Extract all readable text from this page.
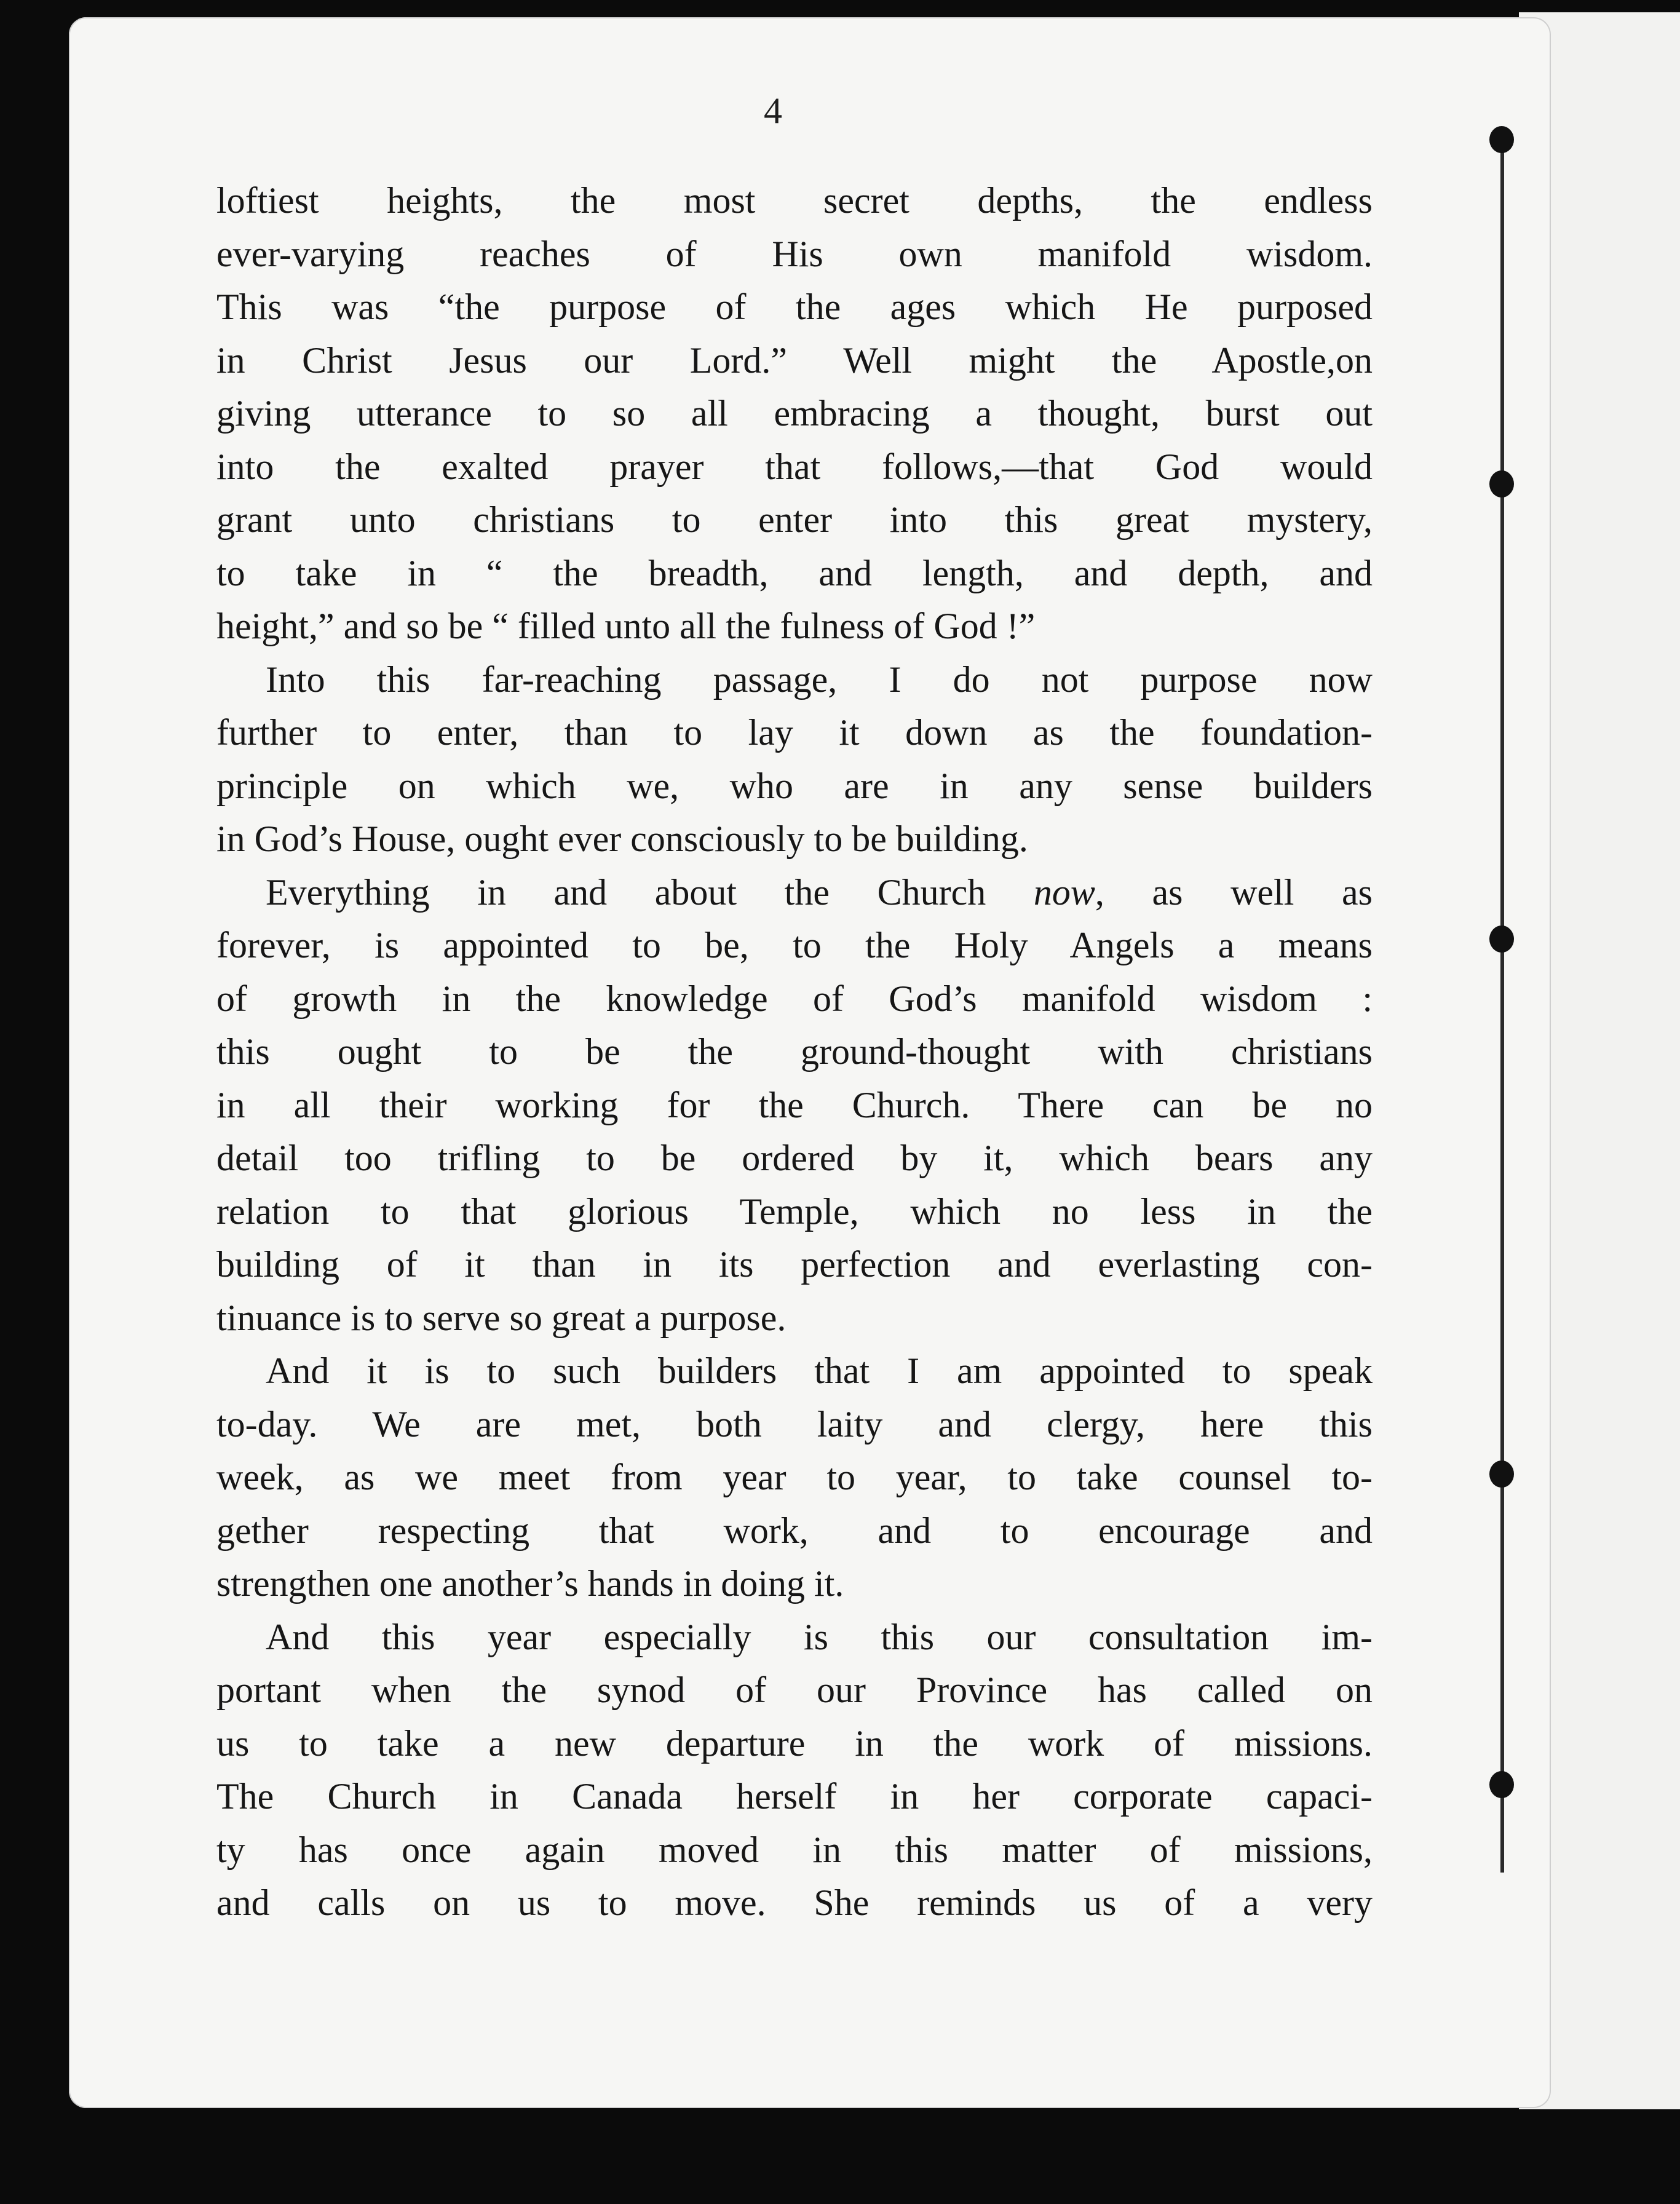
4
loftiest heights, the most secret depths, the endless
ever-varying reaches of His own manifold wisdom.
This was “the purpose of the ages which He purposed
in Christ Jesus our Lord.” Well might the Apostle,on
giving utterance to so all embracing a thought, burst out
into the exalted prayer that follows,—that God would
grant unto christians to enter into this great mystery,
to take in “ the breadth, and length, and depth, and
height,” and so be “ filled unto all the fulness of God !”
Into this far-reaching passage, I do not purpose now
further to enter, than to lay it down as the foundation-
principle on which we, who are in any sense builders
in God’s House, ought ever consciously to be building.
Everything in and about the Church now, as well as
forever, is appointed to be, to the Holy Angels a means
of growth in the knowledge of God’s manifold wisdom :
this ought to be the ground-thought with christians
in all their working for the Church. There can be no
detail too trifling to be ordered by it, which bears any
relation to that glorious Temple, which no less in the
building of it than in its perfection and everlasting con-
tinuance is to serve so great a purpose.
And it is to such builders that I am appointed to speak
to-day. We are met, both laity and clergy, here this
week, as we meet from year to year, to take counsel to-
gether respecting that work, and to encourage and
strengthen one another’s hands in doing it.
And this year especially is this our consultation im-
portant when the synod of our Province has called on
us to take a new departure in the work of missions.
The Church in Canada herself in her corporate capaci-
ty has once again moved in this matter of missions,
and calls on us to move. She reminds us of a very
